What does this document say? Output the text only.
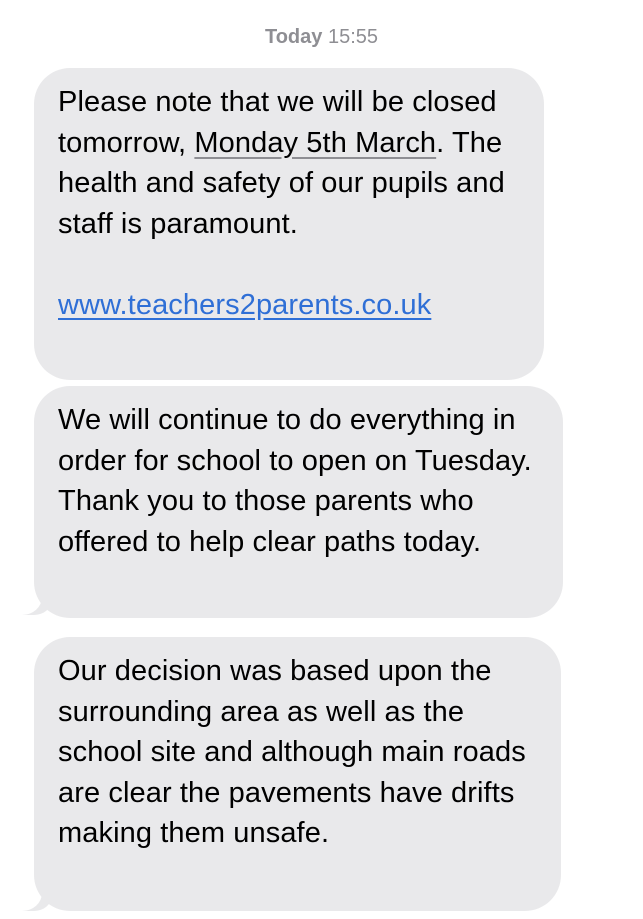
Today 15:55

Please note that we will be closed tomorrow, Monday 5th March. The health and safety of our pupils and staff is paramount.

www.teachers2parents.co.uk

We will continue to do everything in order for school to open on Tuesday. Thank you to those parents who offered to help clear paths today.

Our decision was based upon the surrounding area as well as the school site and although main roads are clear the pavements have drifts making them unsafe.
